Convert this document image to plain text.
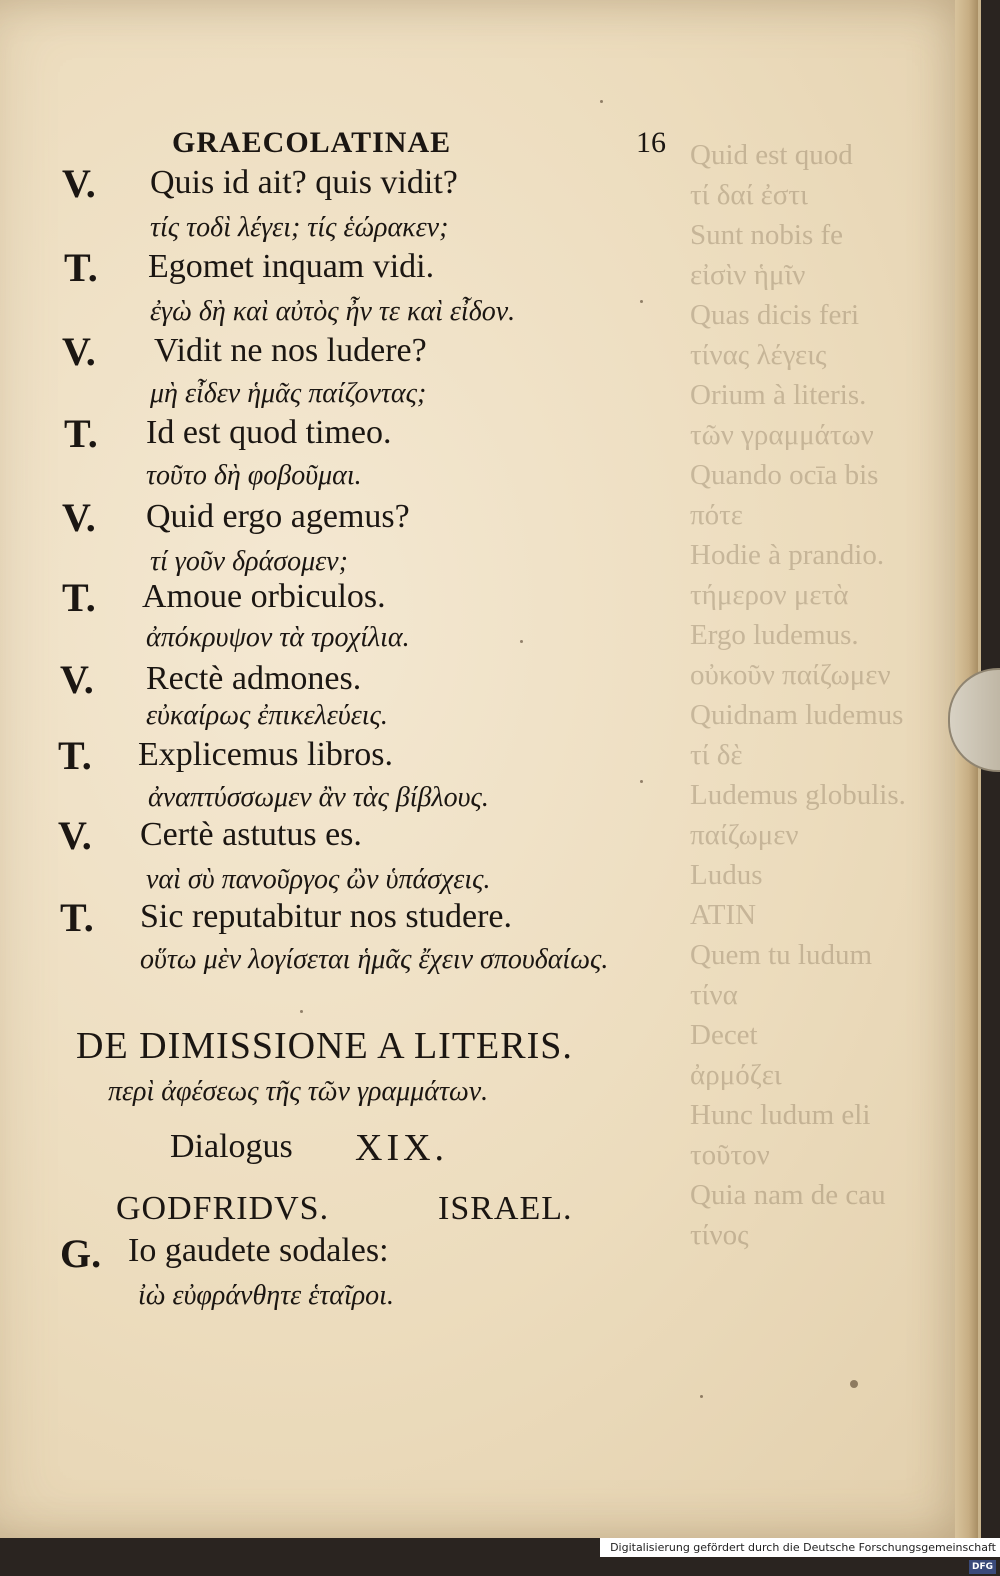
Quid est quod
τί δαί ἐστι
Sunt nobis fe
εἰσὶν ἡμῖν
Quas dicis feri
τίνας λέγεις
Orium à literis.
τῶν γραμμάτων
Quando ocīa bis
πότε
Hodie à prandio.
τήμερον μετὰ
Ergo ludemus.
οὐκοῦν παίζωμεν
Quidnam ludemus
τί δὲ
Ludemus globulis.
παίζωμεν
Ludus
ATIN
Quem tu ludum
τίνα
Decet
ἀρμόζει
Hunc ludum eli
τοῦτον
Quia nam de cau
τίνος
GRAECOLATINAE	16
V. Quis id ait? quis vidit?
τίς τοδὶ λέγει; τίς ἑώρακεν;
T. Egomet inquam vidi.
ἐγὼ δὴ καὶ αὐτὸς ἦν τε καὶ εἶδον.
V. Vidit ne nos ludere?
μὴ εἶδεν ἡμᾶς παίζοντας;
T. Id est quod timeo.
τοῦτο δὴ φοβοῦμαι.
V. Quid ergo agemus?
τί γοῦν δράσομεν;
T. Amoue orbiculos.
ἀπόκρυψον τὰ τροχίλια.
V. Rectè admones.
εὐκαίρως ἐπικελεύεις.
T. Explicemus libros.
ἀναπτύσσωμεν ἂν τὰς βίβλους.
V. Certè astutus es.
ναὶ σὺ πανοῦργος ὢν ὑπάσχεις.
T. Sic reputabitur nos studere.
οὕτω μὲν λογίσεται ἡμᾶς ἔχειν σπουδαίως.
DE DIMISSIONE A LITERIS.
περὶ ἀφέσεως τῆς τῶν γραμμάτων.
Dialogus XIX.
GODFRIDVS.	ISRAEL.
G. Io gaudete sodales:
ἰὼ εὐφράνθητε ἑταῖροι.
Digitalisierung gefördert durch die Deutsche Forschungsgemeinschaft DFG
